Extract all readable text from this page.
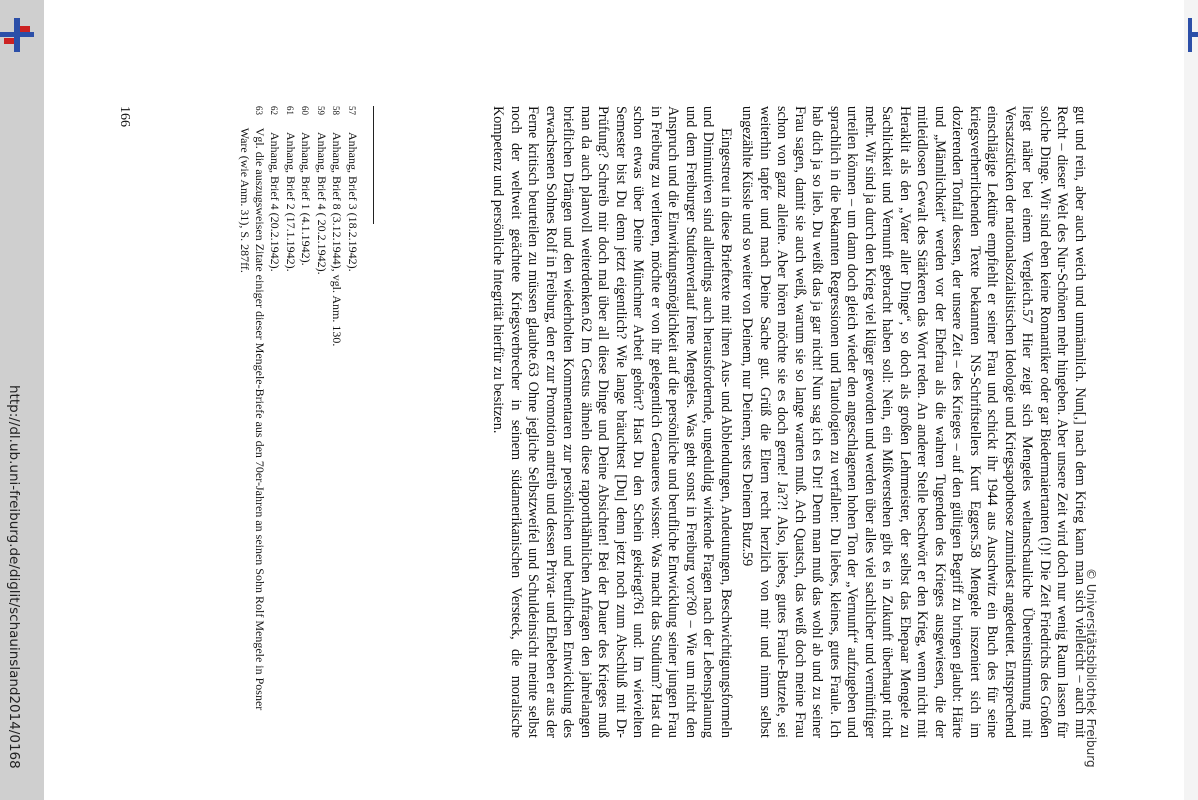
http://dl.ub.uni-freiburg.de/diglit/schauinsland2014/0168	© Universitätsbibliothek Freiburg

gut und rein, aber auch weich und unmännlich. Nun[,] nach dem Krieg kann man sich vielleicht – auch mit Recht – dieser Welt des Nur-Schönen mehr hingeben. Aber unsere Zeit wird doch nur wenig Raum lassen für solche Dinge. Wir sind eben keine Romantiker oder gar Biedermaiertanten (!)! Die Zeit Friedrichs des Großen liegt näher bei einem Vergleich.57 Hier zeigt sich Mengeles weltanschauliche Übereinstimmung mit Versatzstücken der nationalsozialistischen Ideologie und Kriegsapotheose zumindest angedeutet. Entsprechend einschlägige Lektüre empfiehlt er seiner Frau und schickt ihr 1944 aus Auschwitz ein Buch des für seine kriegsverherrlichenden Texte bekannten NS-Schriftstellers Kurt Eggers.58 Mengele inszeniert sich im dozierenden Tonfall dessen, der unsere Zeit – des Krieges – auf den gültigen Begriff zu bringen glaubt: Härte und „Männlichkeit“ werden vor der Ehefrau als die wahren Tugenden des Krieges ausgewiesen, die der mitleidlosen Gewalt des Stärkeren das Wort reden. An anderer Stelle beschwört er den Krieg, wenn nicht mit Heraklit als den „Vater aller Dinge“, so doch als großen Lehrmeister, der selbst das Ehepaar Mengele zu Sachlichkeit und Vernunft gebracht haben soll: Nein, ein Mißverstehen gibt es in Zukunft überhaupt nicht mehr. Wir sind ja durch den Krieg viel klüger geworden und werden über alles viel sachlicher und vernünftiger urteilen können – um dann doch gleich wieder den angeschlagenen hohen Ton der „Vernunft“ aufzugeben und sprachlich in die bekannten Regressionen und Tautologien zu verfallen: Du liebes, kleines, gutes Fraule. Ich hab dich ja so lieb. Du weißt das ja gar nicht! Nun sag ich es Dir! Denn man muß das wohl ab und zu seiner Frau sagen, damit sie auch weiß, warum sie so lange warten muß. Ach Quatsch, das weiß doch meine Frau schon von ganz alleine. Aber hören möchte sie es doch gerne! Ja??! Also, liebes, gutes Fraule-Butzele, sei weiterhin tapfer und mach Deine Sache gut. Grüß die Eltern recht herzlich von mir und nimm selbst ungezählte Küssle und so weiter von Deinem, nur Deinem, stets Deinem Butz.59

Eingestreut in diese Brieftexte mit ihren Aus- und Abblendungen, Andeutungen, Beschwichtigungsformeln und Diminutiven sind allerdings auch herausfordernde, ungeduldig wirkende Fragen nach der Lebensplanung und dem Freiburger Studienverlauf Irene Mengeles. Was geht sonst in Freiburg vor?60 – Wie um nicht den Anspruch und die Einwirkungsmöglichkeit auf die persönliche und berufliche Entwicklung seiner jungen Frau in Freiburg zu verlieren, möchte er von ihr gelegentlich Genaueres wissen: Was macht das Studium? Hast du schon etwas über Deine Münchner Arbeit gehört? Hast Du den Schein gekriegt?61 und: Im wievielten Semester bist Du denn jetzt eigentlich? Wie lange bräuchtest [Du] denn jetzt noch zum Abschluß mit Dr-Prüfung? Schreib mir doch mal über all diese Dinge und Deine Absichten! Bei der Dauer des Krieges muß man da auch planvoll weiterdenken.62 Im Gestus ähneln diese rapporthähnlichen Anfragen den jahrelangen brieflichen Drängen und den wiederholten Kommentaren zur persönlichen und beruflichen Entwicklung des erwachsenen Sohnes Rolf in Freiburg, den er zur Promotion antreib und dessen Privat- und Eheleben er aus der Ferne kritisch beurteilen zu müssen glaubte.63 Ohne jegliche Selbstzweifel und Schuldeinsicht meinte selbst noch der weltweit geächtete Kriegsverbrecher in seinem südamerikanischen Versteck, die moralische Kompetenz und persönliche Integrität hierfür zu besitzen.

57
Anhang, Brief 3 (18.2.1942).
58
Anhang, Brief 8 (3.12.1944), vgl. Anm. 130.
59
Anhang, Brief 4 ( 20.2.1942).
60
Anhang, Brief 1 (4.1.1942).
61
Anhang, Brief 2 (17.1.1942).
62
Anhang, Brief 4 (20.2.1942).
63
Vgl. die auszugsweisen Zitate einiger dieser Mengele-Briefe aus den 70er-Jahren an seinen Sohn Rolf Mengele in Posner Ware (wie Anm. 31), S. 287ff.
166
